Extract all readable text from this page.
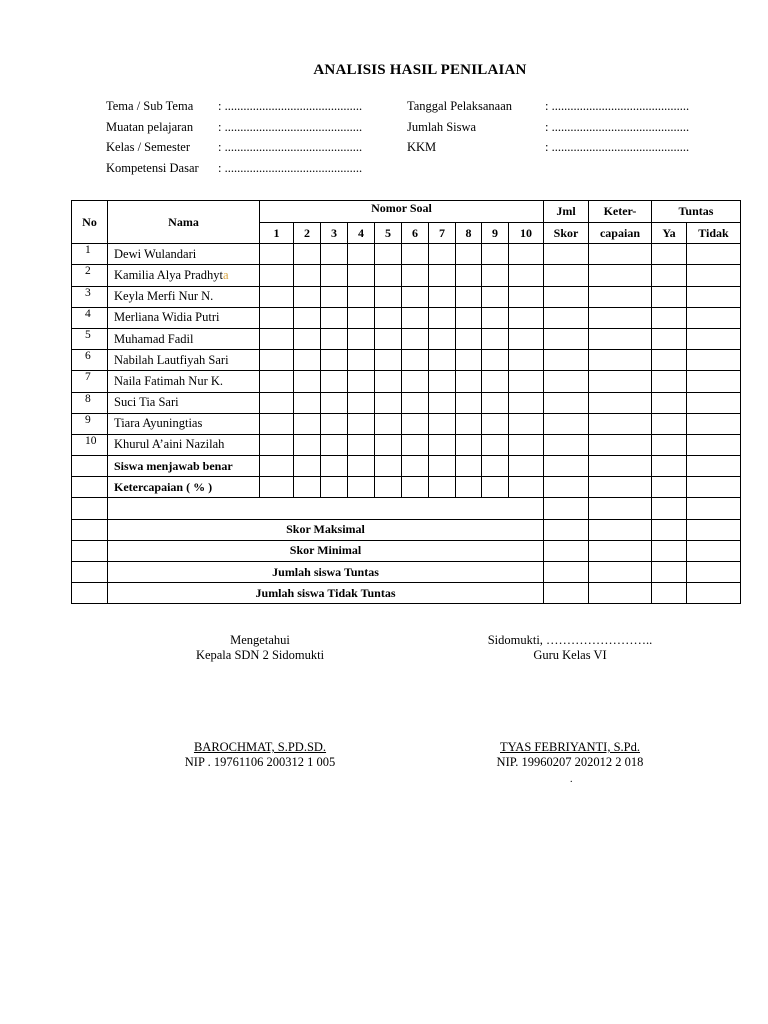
ANALISIS HASIL PENILAIAN
Tema / Sub Tema	: ............................................
Muatan pelajaran	: ............................................
Kelas / Semester	: ............................................
Kompetensi Dasar	: ............................................
Tanggal Pelaksanaan	: ............................................
Jumlah Siswa	: ............................................
KKM	: ............................................
No	Nama	Nomor Soal										Jml	Keter-	Tuntas	
		1	2	3	4	5	6	7	8	9	10	Skor	capaian	Ya	Tidak
1	Dewi Wulandari														
2	Kamilia Alya Pradhyta														
3	Keyla Merfi Nur N.														
4	Merliana Widia Putri														
5	Muhamad Fadil														
6	Nabilah Lautfiyah Sari														
7	Naila Fatimah Nur K.														
8	Suci Tia Sari														
9	Tiara Ayuningtias														
10	Khurul A’aini Nazilah														
	Siswa menjawab benar														
	Ketercapaian ( % )														

	Skor Maksimal														
	Skor Minimal														
	Jumlah siswa Tuntas														
	Jumlah siswa Tidak Tuntas														
Mengetahui
Kepala SDN 2 Sidomukti
BAROCHMAT, S.PD.SD.
NIP . 19761106 200312 1 005
Sidomukti, ……………………..
Guru Kelas VI
TYAS FEBRIYANTI, S.Pd.
NIP. 19960207 202012 2 018
.
